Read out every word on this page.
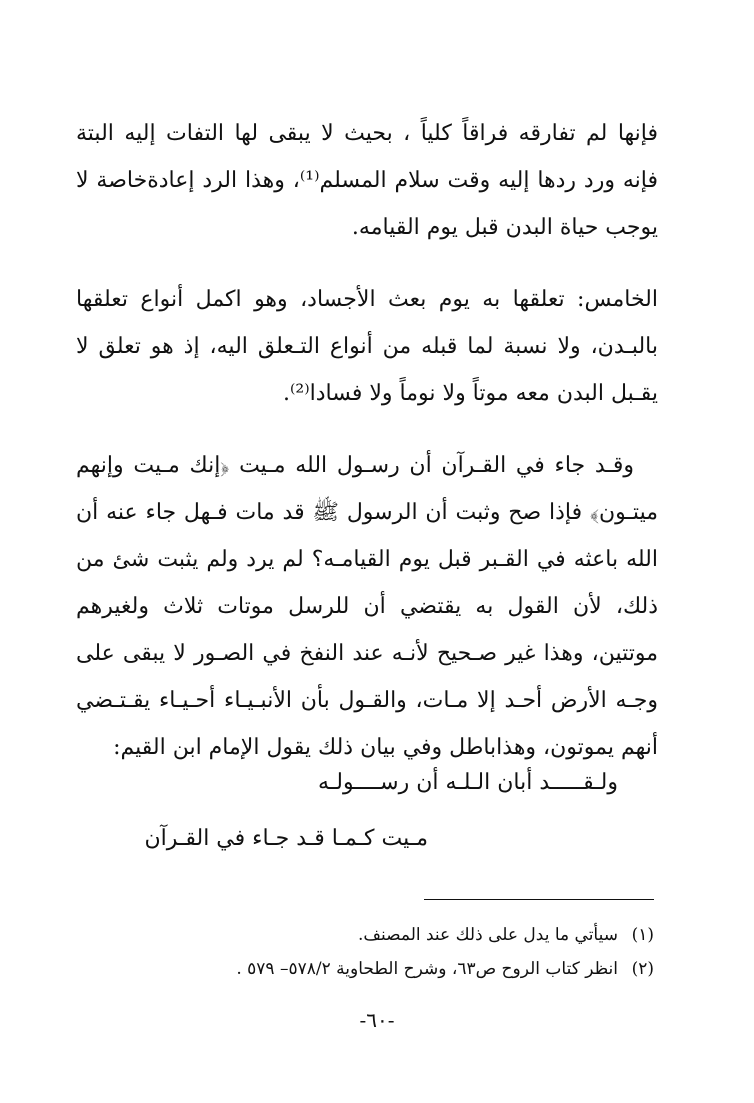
فإنها لم تفارقه فراقاً كلياً ، بحيث لا يبقى لها التفات إليه البتة فإنه ورد ردها إليه وقت سلام المسلم⁽¹⁾، وهذا الرد إعادةخاصة لا يوجب حياة البدن قبل يوم القيامه.

الخامس: تعلقها به يوم بعث الأجساد، وهو اكمل أنواع تعلقها بالبـدن، ولا نسبة لما قبله من أنواع التـعلق اليه، إذ هو تعلق لا يقـبل البدن معه موتاً ولا نوماً ولا فسادا⁽²⁾.

وقـد جاء في القـرآن أن رسـول الله مـيت ﴿إنك مـيت وإنهم ميتـون﴾ فإذا صح وثبت أن الرسول ﷺ قد مات فـهل جاء عنه أن الله باعثه في القـبر قبل يوم القيامـه؟ لم يرد ولم يثبت شئ من ذلك، لأن القول به يقتضي أن للرسل موتات ثلاث ولغيرهم موتتين، وهذا غير صـحيح لأنـه عند النفخ في الصـور لا يبقى على وجـه الأرض أحـد إلا مـات، والقـول بأن الأنبـيـاء أحـيـاء يقـتـضي أنهم يموتون، وهذاباطل وفي بيان ذلك يقول الإمام ابن القيم:

ولـقـــــد أبان الـلـه أن رســــولـه
مـيت كـمـا قـد جـاء في القـرآن
(١)
سيأتي ما يدل على ذلك عند المصنف.
(٢)
انظر كتاب الروح ص٦٣، وشرح الطحاوية ٥٧٨/٢– ٥٧٩ .
-٦٠-
